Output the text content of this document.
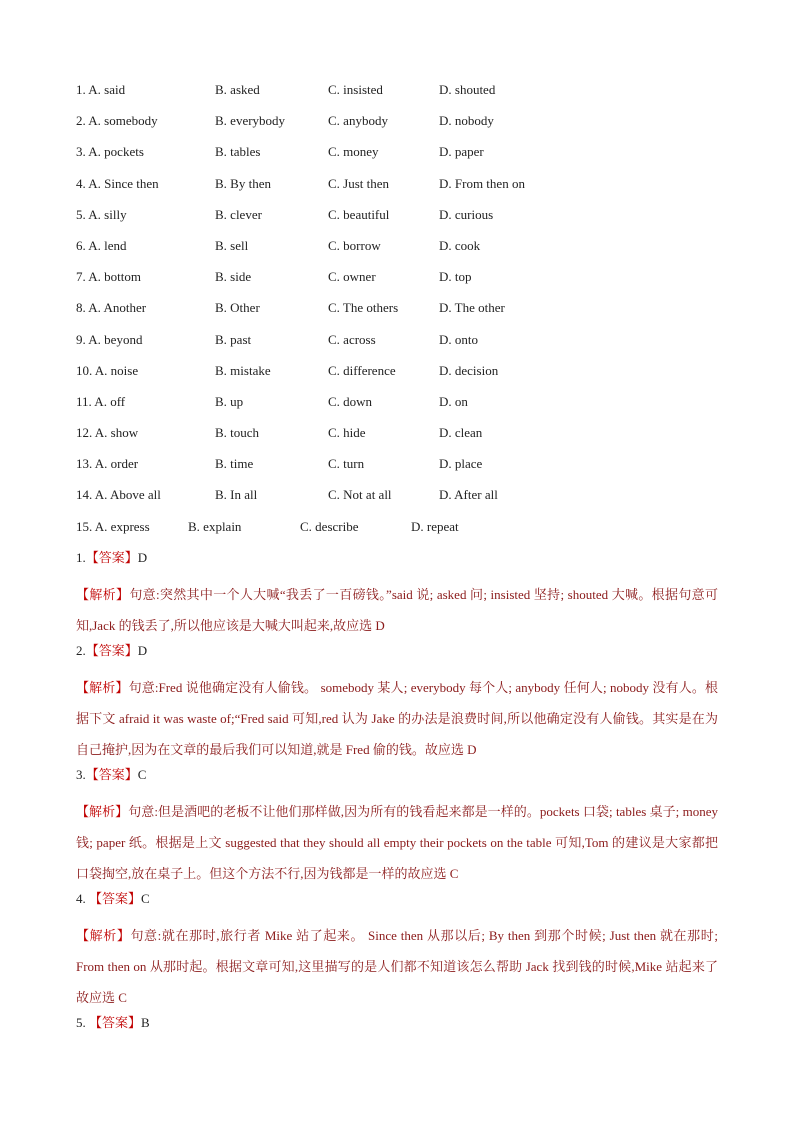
1. A. said	B. asked	C. insisted	D. shouted
2. A. somebody	B. everybody	C. anybody	D. nobody
3. A. pockets	B. tables	C. money	D. paper
4. A. Since then	B. By then	C. Just then	D. From then on
5. A. silly	B. clever	C. beautiful	D. curious
6. A. lend	B. sell	C. borrow	D. cook
7. A. bottom	B. side	C. owner	D. top
8. A. Another	B. Other	C. The others	D. The other
9. A. beyond	B. past	C. across	D. onto
10. A. noise	B. mistake	C. difference	D. decision
11. A. off	B. up	C. down	D. on
12. A. show	B. touch	C. hide	D. clean
13. A. order	B. time	C. turn	D. place
14. A. Above all	B. In all	C. Not at all	D. After all
15. A. express	B. explain	C. describe	D. repeat
1.【答案】D

【解析】句意:突然其中一个人大喊“我丢了一百磅钱。”said 说; asked 问; insisted 坚持; shouted 大喊。根据句意可知,Jack 的钱丢了,所以他应该是大喊大叫起来,故应选 D

2.【答案】D

【解析】句意:Fred 说他确定没有人偷钱。 somebody 某人; everybody 每个人; anybody 任何人; nobody 没有人。根据下文 afraid it was waste of;“Fred said 可知,red 认为 Jake 的办法是浪费时间,所以他确定没有人偷钱。其实是在为自己掩护,因为在文章的最后我们可以知道,就是 Fred 偷的钱。故应选 D

3.【答案】C

【解析】句意:但是酒吧的老板不让他们那样做,因为所有的钱看起来都是一样的。pockets 口袋; tables 桌子; money 钱; paper 纸。根据是上文 suggested that they should all empty their pockets on the table 可知,Tom 的建议是大家都把口袋掏空,放在桌子上。但这个方法不行,因为钱都是一样的故应选 C

4. 【答案】C

【解析】句意:就在那时,旅行者 Mike 站了起来。 Since then 从那以后; By then 到那个时候; Just then 就在那时; From then on 从那时起。根据文章可知,这里描写的是人们都不知道该怎么帮助 Jack 找到钱的时候,Mike 站起来了故应选 C

5. 【答案】B
